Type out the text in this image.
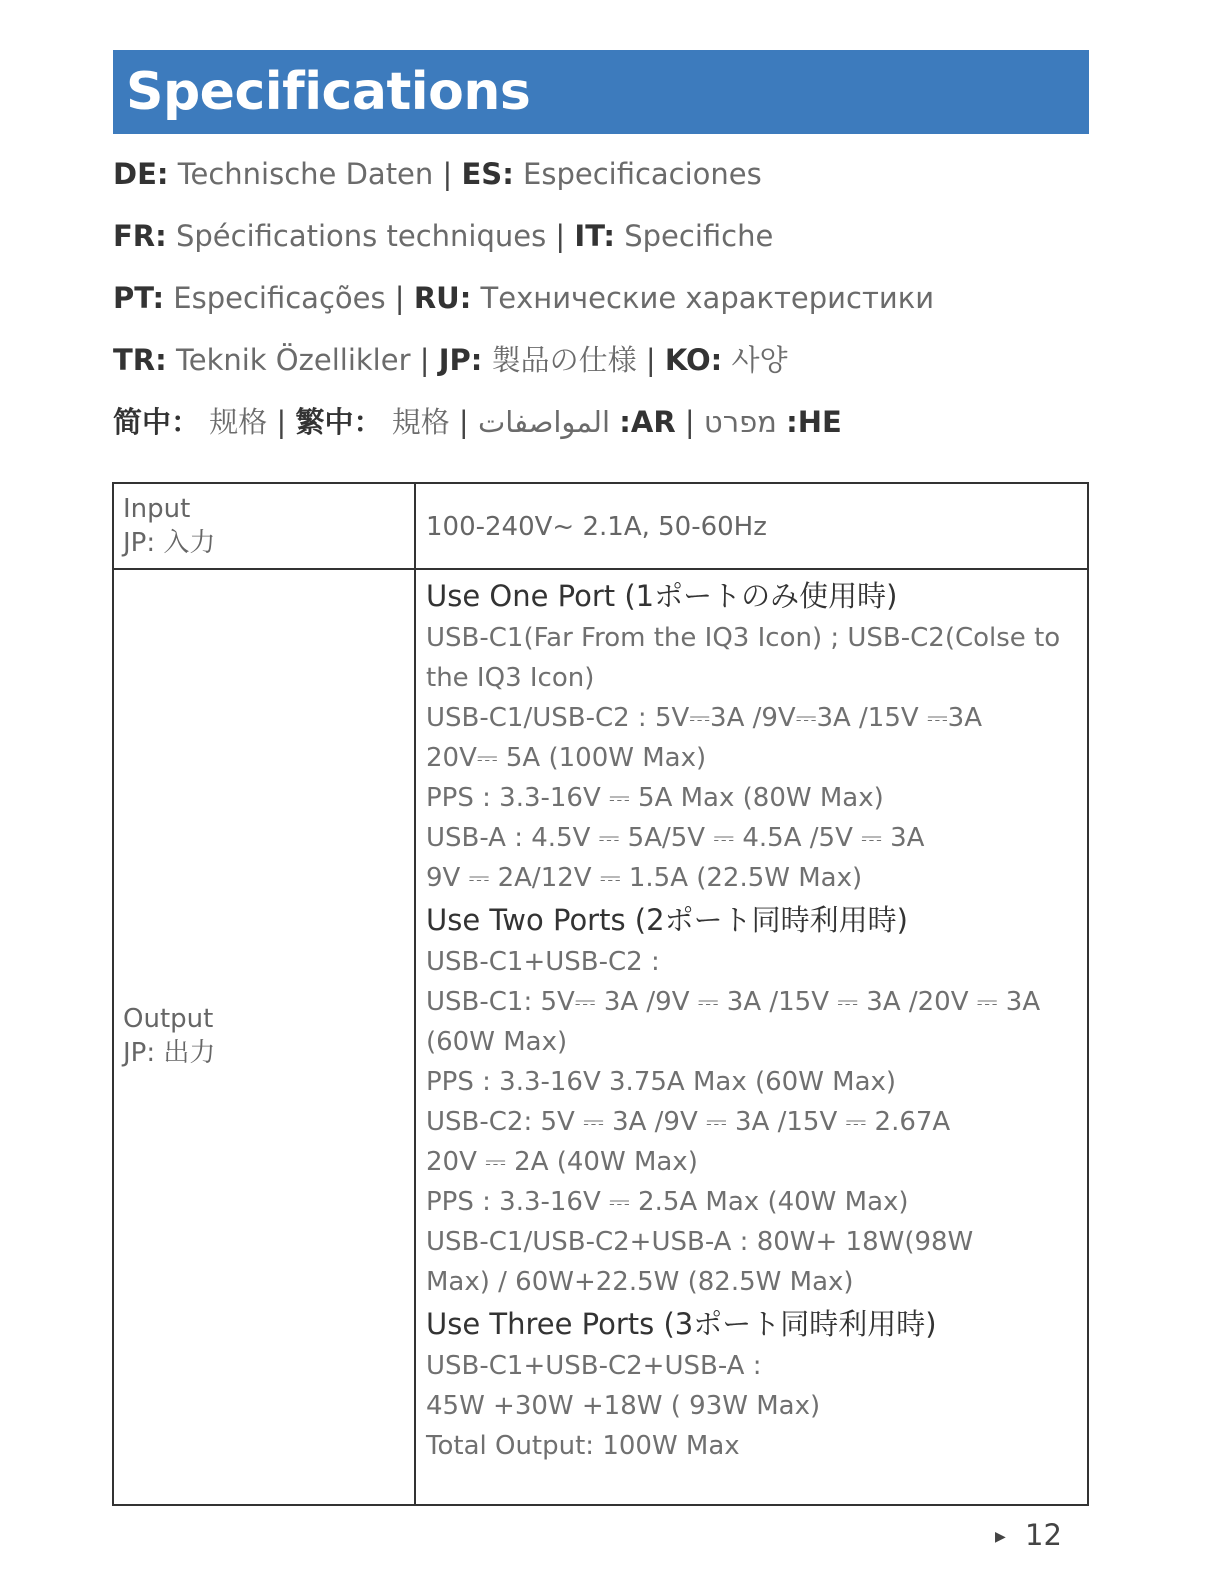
Specifications
DE: Technische Daten | ES: Especificaciones
FR: Spécifications techniques | IT: Specifiche
PT: Especificações | RU: Технические характеристики
TR: Teknik Özellikler | JP: 製品の仕様 | KO: 사양
简中： 规格 | 繁中： 規格 | المواصفات :AR | מפרט :HE
Input
JP: 入力
100-240V~ 2.1A, 50-60Hz
Output
JP: 出力
Use One Port (1ポートのみ使用時)
USB-C1(Far From the IQ3 Icon) ; USB-C2(Colse to
the IQ3 Icon)
USB-C1/USB-C2 : 5V⎓3A /9V⎓3A /15V ⎓3A
20V⎓ 5A (100W Max)
PPS : 3.3-16V ⎓ 5A Max (80W Max)
USB-A : 4.5V ⎓ 5A/5V ⎓ 4.5A /5V ⎓ 3A
9V ⎓ 2A/12V ⎓ 1.5A (22.5W Max)
Use Two Ports (2ポート同時利用時)
USB-C1+USB-C2 :
USB-C1: 5V⎓ 3A /9V ⎓ 3A /15V ⎓ 3A /20V ⎓ 3A
(60W Max)
PPS : 3.3-16V 3.75A Max (60W Max)
USB-C2: 5V ⎓ 3A /9V ⎓ 3A /15V ⎓ 2.67A
20V ⎓ 2A (40W Max)
PPS : 3.3-16V ⎓ 2.5A Max (40W Max)
USB-C1/USB-C2+USB-A : 80W+ 18W(98W
Max) / 60W+22.5W (82.5W Max)
Use Three Ports (3ポート同時利用時)
USB-C1+USB-C2+USB-A :
45W +30W +18W ( 93W Max)
Total Output: 100W Max
▶ 12
